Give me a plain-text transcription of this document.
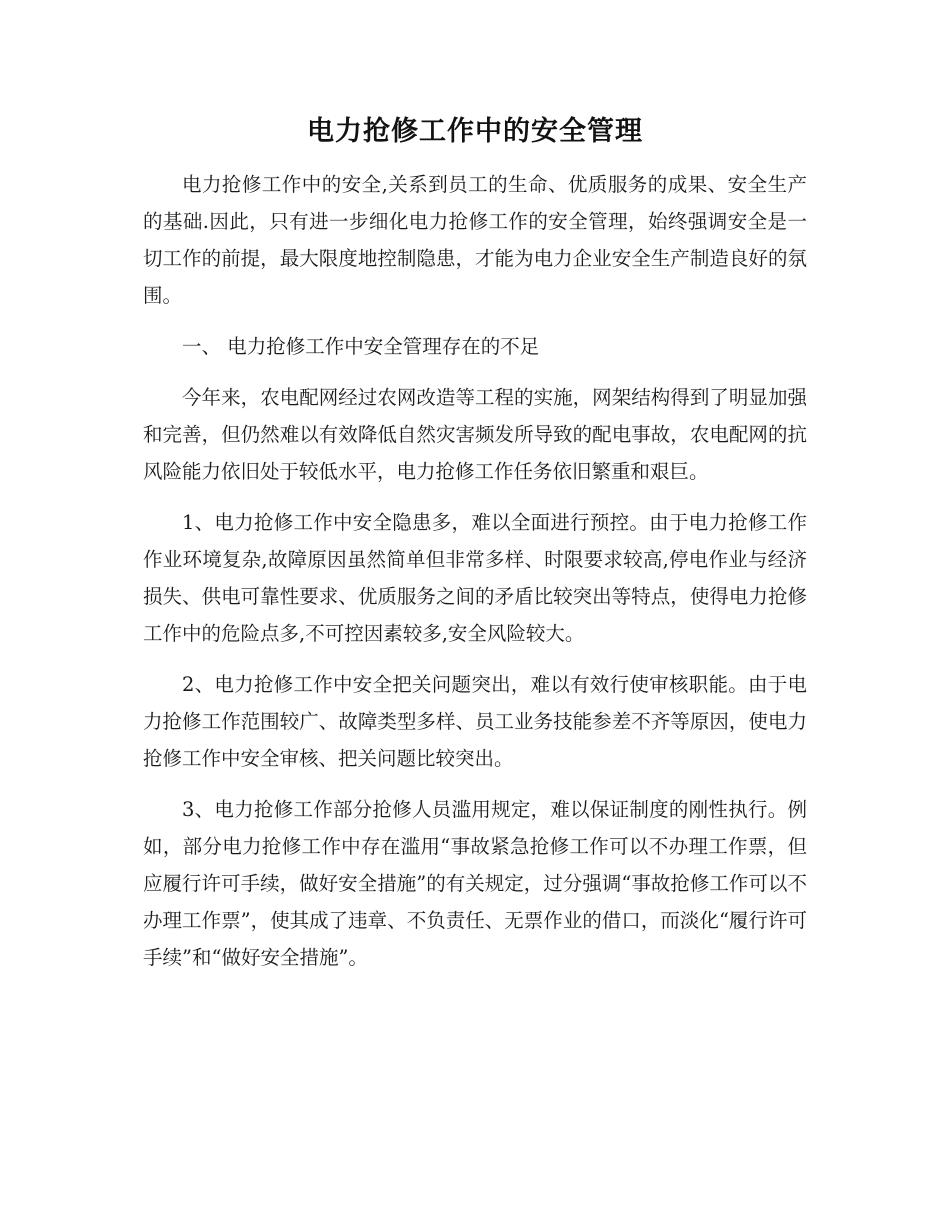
电力抢修工作中的安全管理

电力抢修工作中的安全,关系到员工的生命、优质服务的成果、安全生产的基础.因此，只有进一步细化电力抢修工作的安全管理，始终强调安全是一切工作的前提，最大限度地控制隐患，才能为电力企业安全生产制造良好的氛围。

一、 电力抢修工作中安全管理存在的不足

今年来，农电配网经过农网改造等工程的实施，网架结构得到了明显加强和完善，但仍然难以有效降低自然灾害频发所导致的配电事故，农电配网的抗风险能力依旧处于较低水平，电力抢修工作任务依旧繁重和艰巨。

1、电力抢修工作中安全隐患多，难以全面进行预控。由于电力抢修工作作业环境复杂,故障原因虽然简单但非常多样、时限要求较高,停电作业与经济损失、供电可靠性要求、优质服务之间的矛盾比较突出等特点，使得电力抢修工作中的危险点多,不可控因素较多,安全风险较大。

2、电力抢修工作中安全把关问题突出，难以有效行使审核职能。由于电力抢修工作范围较广、故障类型多样、员工业务技能参差不齐等原因，使电力抢修工作中安全审核、把关问题比较突出。

3、电力抢修工作部分抢修人员滥用规定，难以保证制度的刚性执行。例如，部分电力抢修工作中存在滥用“事故紧急抢修工作可以不办理工作票，但应履行许可手续，做好安全措施”的有关规定，过分强调“事故抢修工作可以不办理工作票”，使其成了违章、不负责任、无票作业的借口，而淡化“履行许可手续”和“做好安全措施”。
